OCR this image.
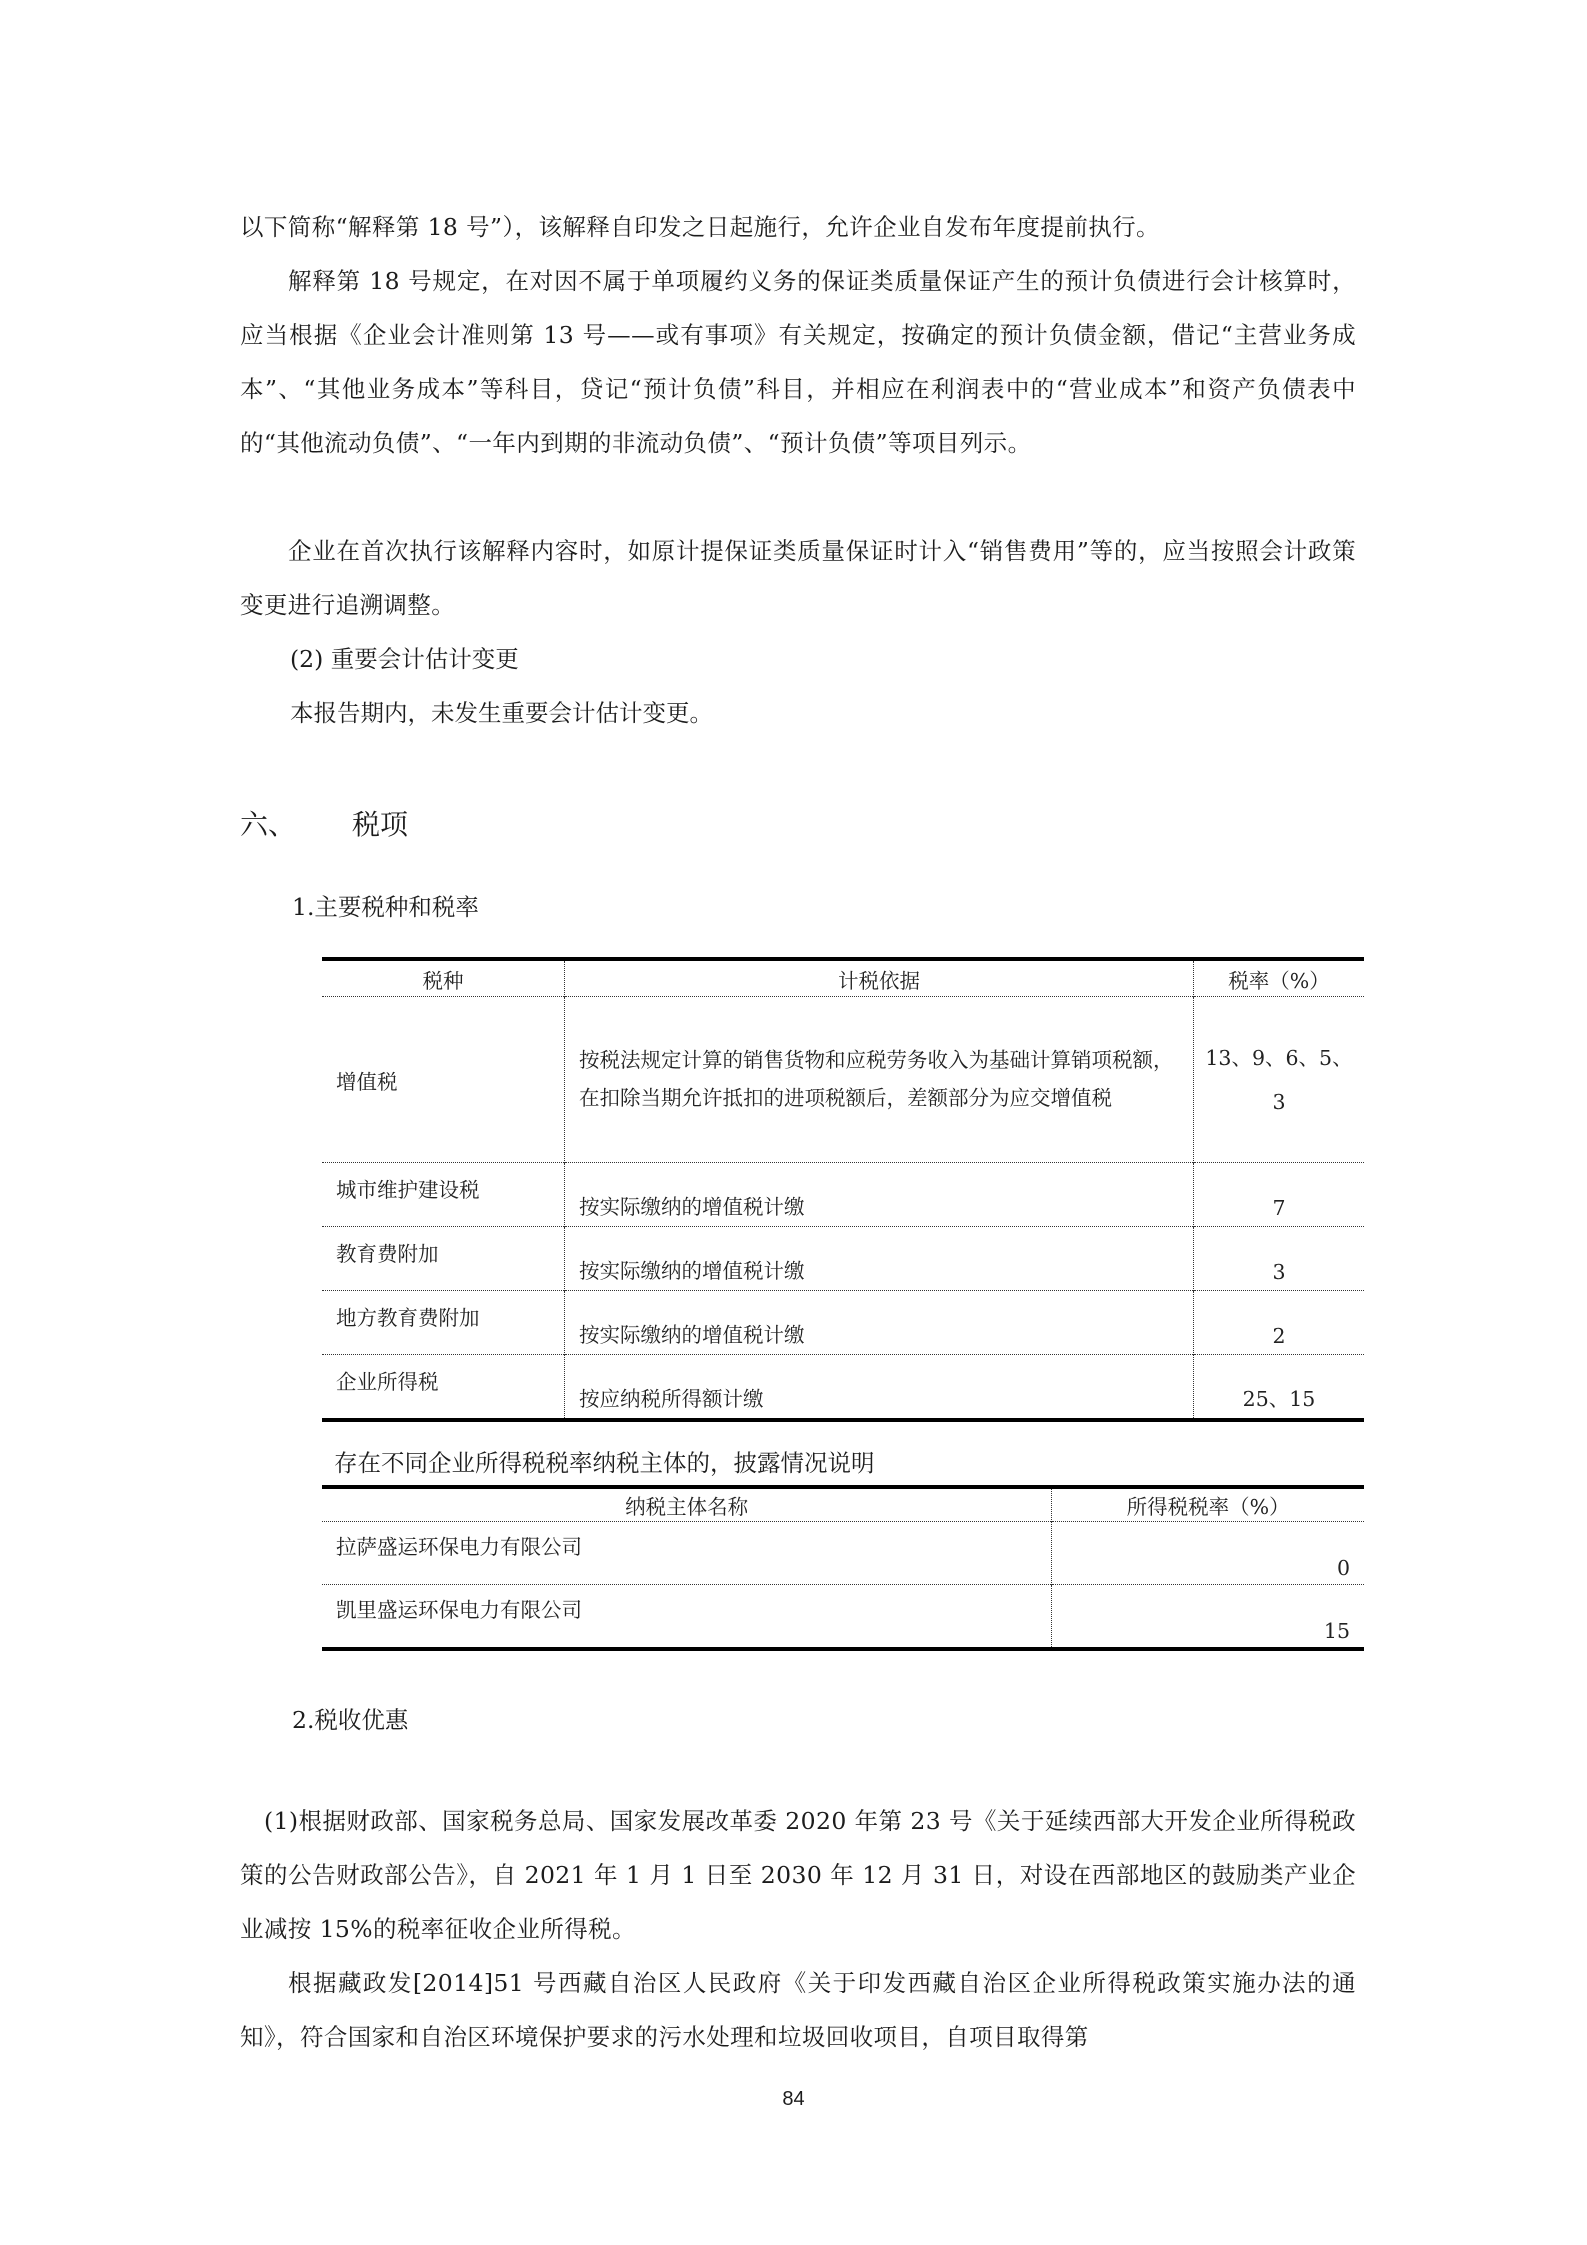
以下简称“解释第 18 号”），该解释自印发之日起施行，允许企业自发布年度提前执行。

解释第 18 号规定，在对因不属于单项履约义务的保证类质量保证产生的预计负债进行会计核算时，应当根据《企业会计准则第 13 号——或有事项》有关规定，按确定的预计负债金额，借记“主营业务成本”、“其他业务成本”等科目，贷记“预计负债”科目，并相应在利润表中的“营业成本”和资产负债表中的“其他流动负债”、“一年内到期的非流动负债”、“预计负债”等项目列示。

企业在首次执行该解释内容时，如原计提保证类质量保证时计入“销售费用”等的，应当按照会计政策变更进行追溯调整。

(2) 重要会计估计变更
本报告期内，未发生重要会计估计变更。
六、 税项
1.主要税种和税率
税种	计税依据	税率（%）
增值税	按税法规定计算的销售货物和应税劳务收入为基础计算销项税额，在扣除当期允许抵扣的进项税额后，差额部分为应交增值税	13、9、6、5、3
城市维护建设税	按实际缴纳的增值税计缴	7
教育费附加	按实际缴纳的增值税计缴	3
地方教育费附加	按实际缴纳的增值税计缴	2
企业所得税	按应纳税所得额计缴	25、15
存在不同企业所得税税率纳税主体的，披露情况说明
纳税主体名称	所得税税率（%）
拉萨盛运环保电力有限公司	0
凯里盛运环保电力有限公司	15
2.税收优惠

(1)根据财政部、国家税务总局、国家发展改革委 2020 年第 23 号《关于延续西部大开发企业所得税政策的公告财政部公告》，自 2021 年 1 月 1 日至 2030 年 12 月 31 日，对设在西部地区的鼓励类产业企业减按 15%的税率征收企业所得税。

根据藏政发[2014]51 号西藏自治区人民政府《关于印发西藏自治区企业所得税政策实施办法的通知》，符合国家和自治区环境保护要求的污水处理和垃圾回收项目，自项目取得第

84
